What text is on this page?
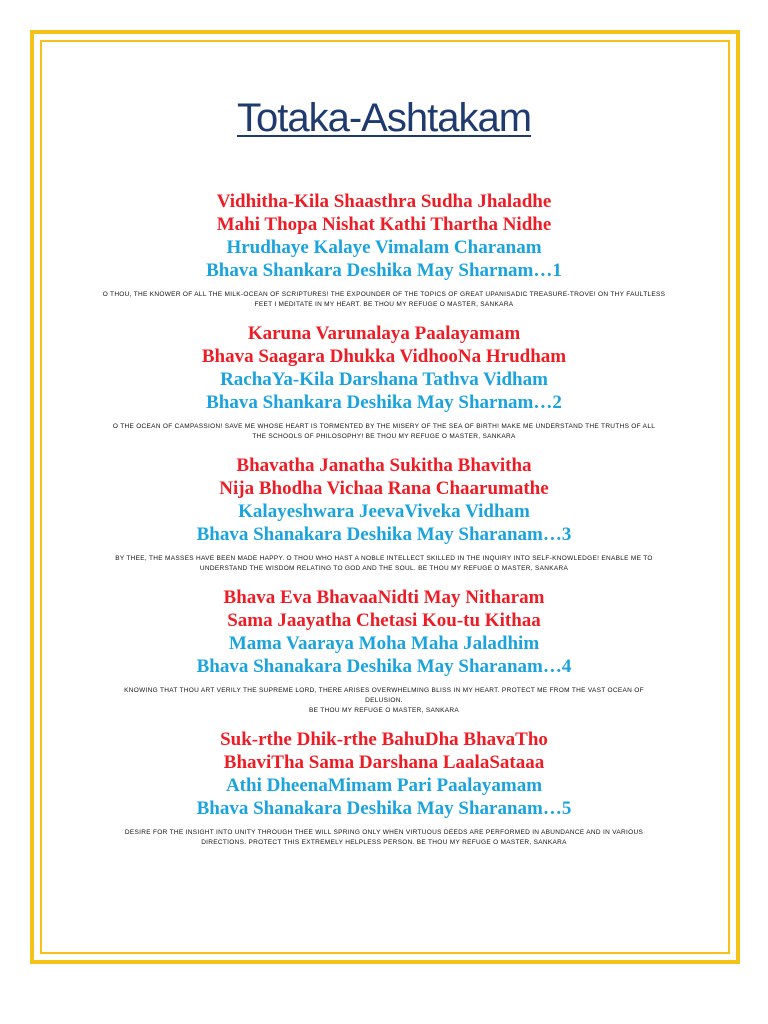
Totaka-Ashtakam
Vidhitha-Kila Shaasthra Sudha Jhaladhe
Mahi Thopa Nishat Kathi Thartha Nidhe
Hrudhaye Kalaye Vimalam Charanam
Bhava Shankara Deshika May Sharnam…1
O THOU, THE KNOWER OF ALL THE MILK-OCEAN OF SCRIPTURES! THE EXPOUNDER OF THE TOPICS OF GREAT UPANISADIC TREASURE-TROVE! ON THY FAULTLESS
FEET I MEDITATE IN MY HEART. BE THOU MY REFUGE O MASTER, SANKARA
Karuna Varunalaya Paalayamam
Bhava Saagara Dhukka VidhooNa Hrudham
RachaYa-Kila Darshana Tathva Vidham
Bhava Shankara Deshika May Sharnam…2
O THE OCEAN OF CAMPASSION! SAVE ME WHOSE HEART IS TORMENTED BY THE MISERY OF THE SEA OF BIRTH! MAKE ME UNDERSTAND THE TRUTHS OF ALL
THE SCHOOLS OF PHILOSOPHY! BE THOU MY REFUGE O MASTER, SANKARA
Bhavatha Janatha Sukitha Bhavitha
Nija Bhodha Vichaa Rana Chaarumathe
Kalayeshwara JeevaViveka Vidham
Bhava Shanakara Deshika May Sharanam…3
BY THEE, THE MASSES HAVE BEEN MADE HAPPY. O THOU WHO HAST A NOBLE INTELLECT SKILLED IN THE INQUIRY INTO SELF-KNOWLEDGE! ENABLE ME TO
UNDERSTAND THE WISDOM RELATING TO GOD AND THE SOUL. BE THOU MY REFUGE O MASTER, SANKARA
Bhava Eva BhavaaNidti May Nitharam
Sama Jaayatha Chetasi Kou-tu Kithaa
Mama Vaaraya Moha Maha Jaladhim
Bhava Shanakara Deshika May Sharanam…4
KNOWING THAT THOU ART VERILY THE SUPREME LORD, THERE ARISES OVERWHELMING BLISS IN MY HEART. PROTECT ME FROM THE VAST OCEAN OF
DELUSION.
BE THOU MY REFUGE O MASTER, SANKARA
Suk-rthe Dhik-rthe BahuDha BhavaTho
BhaviTha Sama Darshana LaalaSataaa
Athi DheenaMimam Pari Paalayamam
Bhava Shanakara Deshika May Sharanam…5
DESIRE FOR THE INSIGHT INTO UNITY THROUGH THEE WILL SPRING ONLY WHEN VIRTUOUS DEEDS ARE PERFORMED IN ABUNDANCE AND IN VARIOUS
DIRECTIONS. PROTECT THIS EXTREMELY HELPLESS PERSON. BE THOU MY REFUGE O MASTER, SANKARA
